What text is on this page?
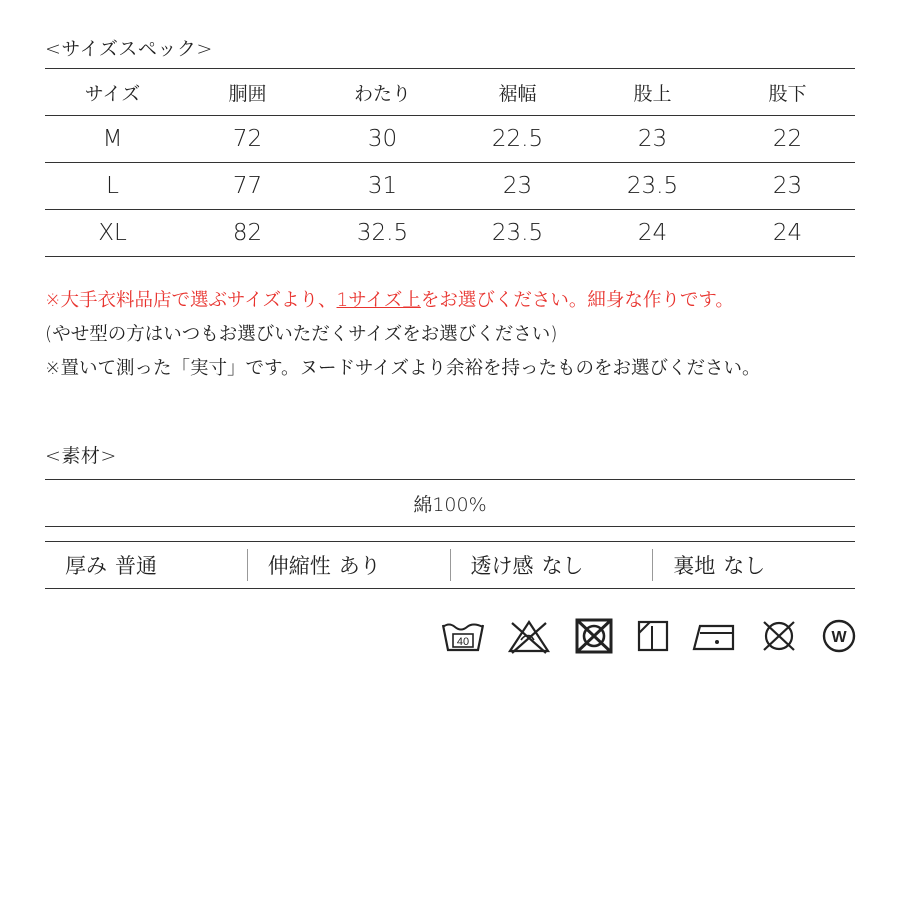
<サイズスペック>
サイズ	胴囲	わたり	裾幅	股上	股下
M	72	30	22.5	23	22
L	77	31	23	23.5	23
XL	82	32.5	23.5	24	24
※大手衣料品店で選ぶサイズより、1サイズ上をお選びください。細身な作りです。
(やせ型の方はいつもお選びいただくサイズをお選びください)
※置いて測った「実寸」です。ヌードサイズより余裕を持ったものをお選びください。
<素材>
綿100%
厚み 普通	伸縮性 あり	透け感 なし	裏地 なし
40	W
